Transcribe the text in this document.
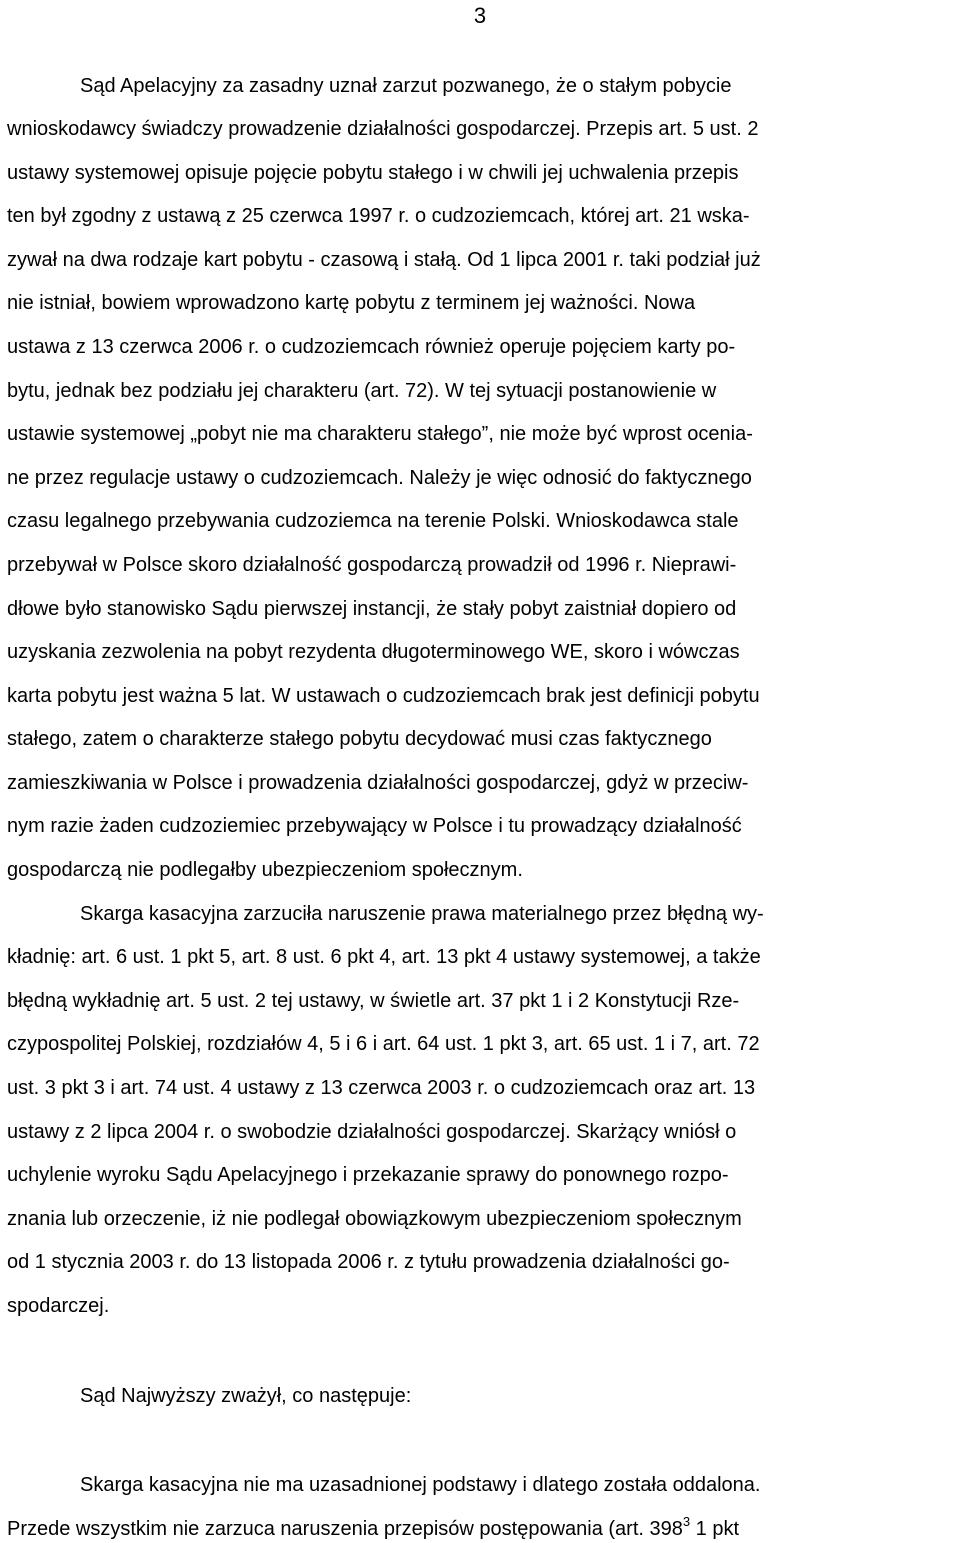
3
Sąd Apelacyjny za zasadny uznał zarzut pozwanego, że o stałym pobycie
wnioskodawcy świadczy prowadzenie działalności gospodarczej. Przepis art. 5 ust. 2
ustawy systemowej opisuje pojęcie pobytu stałego i w chwili jej uchwalenia przepis
ten był zgodny z ustawą z 25 czerwca 1997 r. o cudzoziemcach, której art. 21 wska-
zywał na dwa rodzaje kart pobytu - czasową i stałą. Od 1 lipca 2001 r. taki podział już
nie istniał, bowiem wprowadzono kartę pobytu z terminem jej ważności. Nowa
ustawa z 13 czerwca 2006 r. o cudzoziemcach również operuje pojęciem karty po-
bytu, jednak bez podziału jej charakteru (art. 72). W tej sytuacji postanowienie w
ustawie systemowej „pobyt nie ma charakteru stałego”, nie może być wprost ocenia-
ne przez regulacje ustawy o cudzoziemcach. Należy je więc odnosić do faktycznego
czasu legalnego przebywania cudzoziemca na terenie Polski. Wnioskodawca stale
przebywał w Polsce skoro działalność gospodarczą prowadził od 1996 r. Nieprawi-
dłowe było stanowisko Sądu pierwszej instancji, że stały pobyt zaistniał dopiero od
uzyskania zezwolenia na pobyt rezydenta długoterminowego WE, skoro i wówczas
karta pobytu jest ważna 5 lat. W ustawach o cudzoziemcach brak jest definicji pobytu
stałego, zatem o charakterze stałego pobytu decydować musi czas faktycznego
zamieszkiwania w Polsce i prowadzenia działalności gospodarczej, gdyż w przeciw-
nym razie żaden cudzoziemiec przebywający w Polsce i tu prowadzący działalność
gospodarczą nie podlegałby ubezpieczeniom społecznym.
Skarga kasacyjna zarzuciła naruszenie prawa materialnego przez błędną wy-
kładnię: art. 6 ust. 1 pkt 5, art. 8 ust. 6 pkt 4, art. 13 pkt 4 ustawy systemowej, a także
błędną wykładnię art. 5 ust. 2 tej ustawy, w świetle art. 37 pkt 1 i 2 Konstytucji Rze-
czypospolitej Polskiej, rozdziałów 4, 5 i 6 i art. 64 ust. 1 pkt 3, art. 65 ust. 1 i 7, art. 72
ust. 3 pkt 3 i art. 74 ust. 4 ustawy z 13 czerwca 2003 r. o cudzoziemcach oraz art. 13
ustawy z 2 lipca 2004 r. o swobodzie działalności gospodarczej. Skarżący wniósł o
uchylenie wyroku Sądu Apelacyjnego i przekazanie sprawy do ponownego rozpo-
znania lub orzeczenie, iż nie podlegał obowiązkowym ubezpieczeniom społecznym
od 1 stycznia 2003 r. do 13 listopada 2006 r. z tytułu prowadzenia działalności go-
spodarczej.
Sąd Najwyższy zważył, co następuje:
Skarga kasacyjna nie ma uzasadnionej podstawy i dlatego została oddalona.
Przede wszystkim nie zarzuca naruszenia przepisów postępowania (art. $398^3$ 1 pkt
